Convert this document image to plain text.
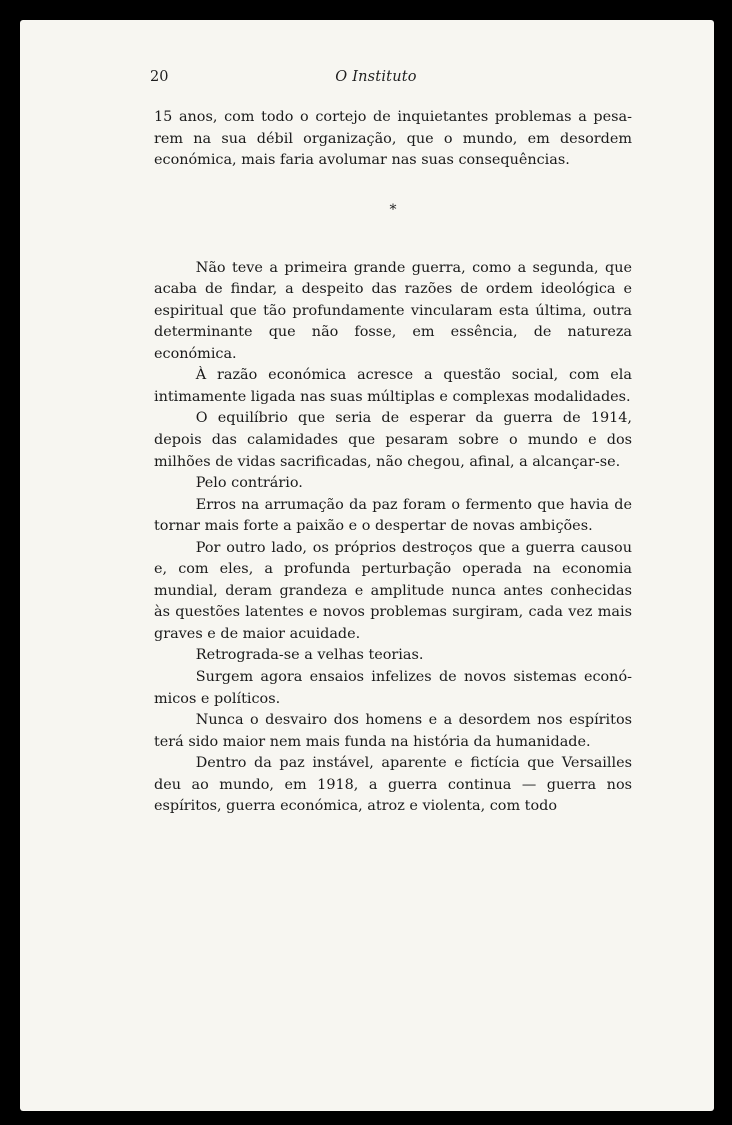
20	O Instituto

15 anos, com todo o cortejo de inquietantes problemas a pesarem na sua débil organização, que o mundo, em desordem económica, mais faria avolumar nas suas consequências.

*

Não teve a primeira grande guerra, como a segunda, que acaba de findar, a despeito das razões de ordem ideológica e espiritual que tão profundamente vincularam esta última, outra determinante que não fosse, em essência, de natureza económica.

À razão económica acresce a questão social, com ela intimamente ligada nas suas múltiplas e complexas modalidades.

O equilíbrio que seria de esperar da guerra de 1914, depois das calamidades que pesaram sobre o mundo e dos milhões de vidas sacrificadas, não chegou, afinal, a alcançar-se.

Pelo contrário.

Erros na arrumação da paz foram o fermento que havia de tornar mais forte a paixão e o despertar de novas ambições.

Por outro lado, os próprios destroços que a guerra causou e, com eles, a profunda perturbação operada na economia mundial, deram grandeza e amplitude nunca antes conhecidas às questões latentes e novos problemas surgiram, cada vez mais graves e de maior acuidade.

Retrograda-se a velhas teorias.

Surgem agora ensaios infelizes de novos sistemas económicos e políticos.

Nunca o desvairo dos homens e a desordem nos espíritos terá sido maior nem mais funda na história da humanidade.

Dentro da paz instável, aparente e fictícia que Versailles deu ao mundo, em 1918, a guerra continua — guerra nos espíritos, guerra económica, atroz e violenta, com todo
